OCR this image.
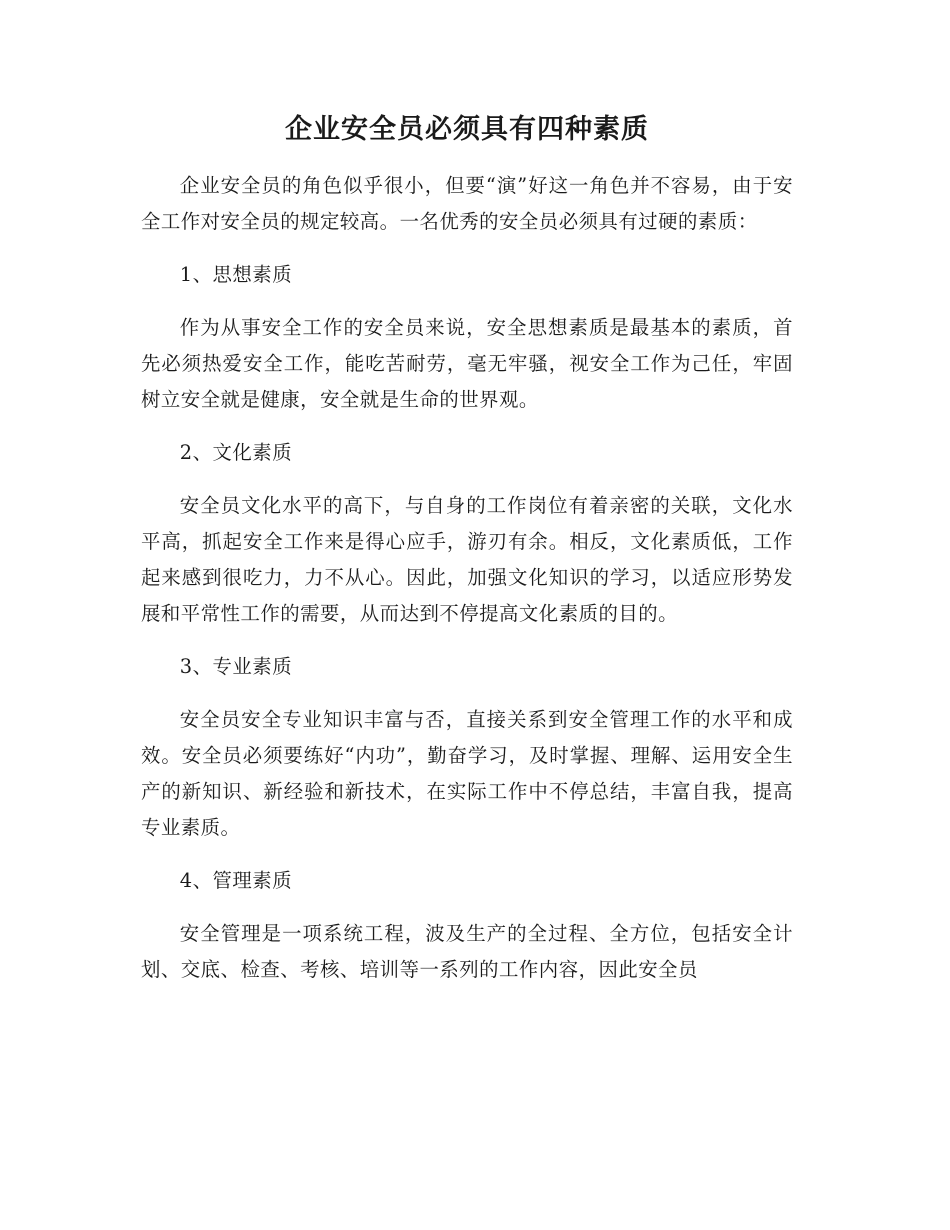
企业安全员必须具有四种素质

企业安全员的角色似乎很小，但要“演”好这一角色并不容易，由于安全工作对安全员的规定较高。一名优秀的安全员必须具有过硬的素质：

1、思想素质

作为从事安全工作的安全员来说，安全思想素质是最基本的素质，首先必须热爱安全工作，能吃苦耐劳，毫无牢骚，视安全工作为己任，牢固树立安全就是健康，安全就是生命的世界观。

2、文化素质

安全员文化水平的高下，与自身的工作岗位有着亲密的关联，文化水平高，抓起安全工作来是得心应手，游刃有余。相反，文化素质低，工作起来感到很吃力，力不从心。因此，加强文化知识的学习，以适应形势发展和平常性工作的需要，从而达到不停提高文化素质的目的。

3、专业素质

安全员安全专业知识丰富与否，直接关系到安全管理工作的水平和成效。安全员必须要练好“内功”，勤奋学习，及时掌握、理解、运用安全生产的新知识、新经验和新技术，在实际工作中不停总结，丰富自我，提高专业素质。

4、管理素质

安全管理是一项系统工程，波及生产的全过程、全方位，包括安全计划、交底、检查、考核、培训等一系列的工作内容，因此安全员
